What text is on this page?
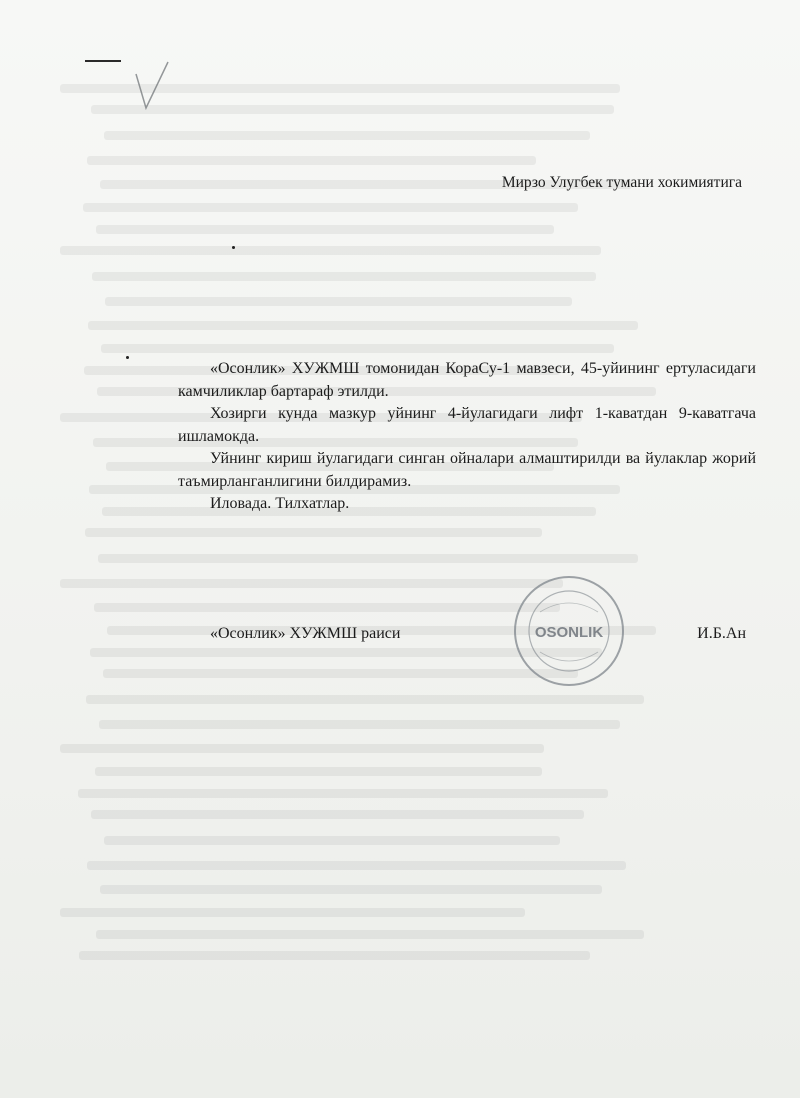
Мирзо Улугбек тумани хокимиятига

«Осонлик» ХУЖМШ томонидан КораСу-1 мавзеси, 45-уйининг ертуласидаги камчиликлар бартараф этилди.

Хозирги кунда мазкур уйнинг 4-йулагидаги лифт 1-каватдан 9-каватгача ишламокда.

Уйнинг кириш йулагидаги синган ойналари алмаштирилди ва йулаклар жорий таъмирланганлигини билдирамиз.

Иловада. Тилхатлар.

OSONLIK
«Осонлик» ХУЖМШ раиси	И.Б.Ан
